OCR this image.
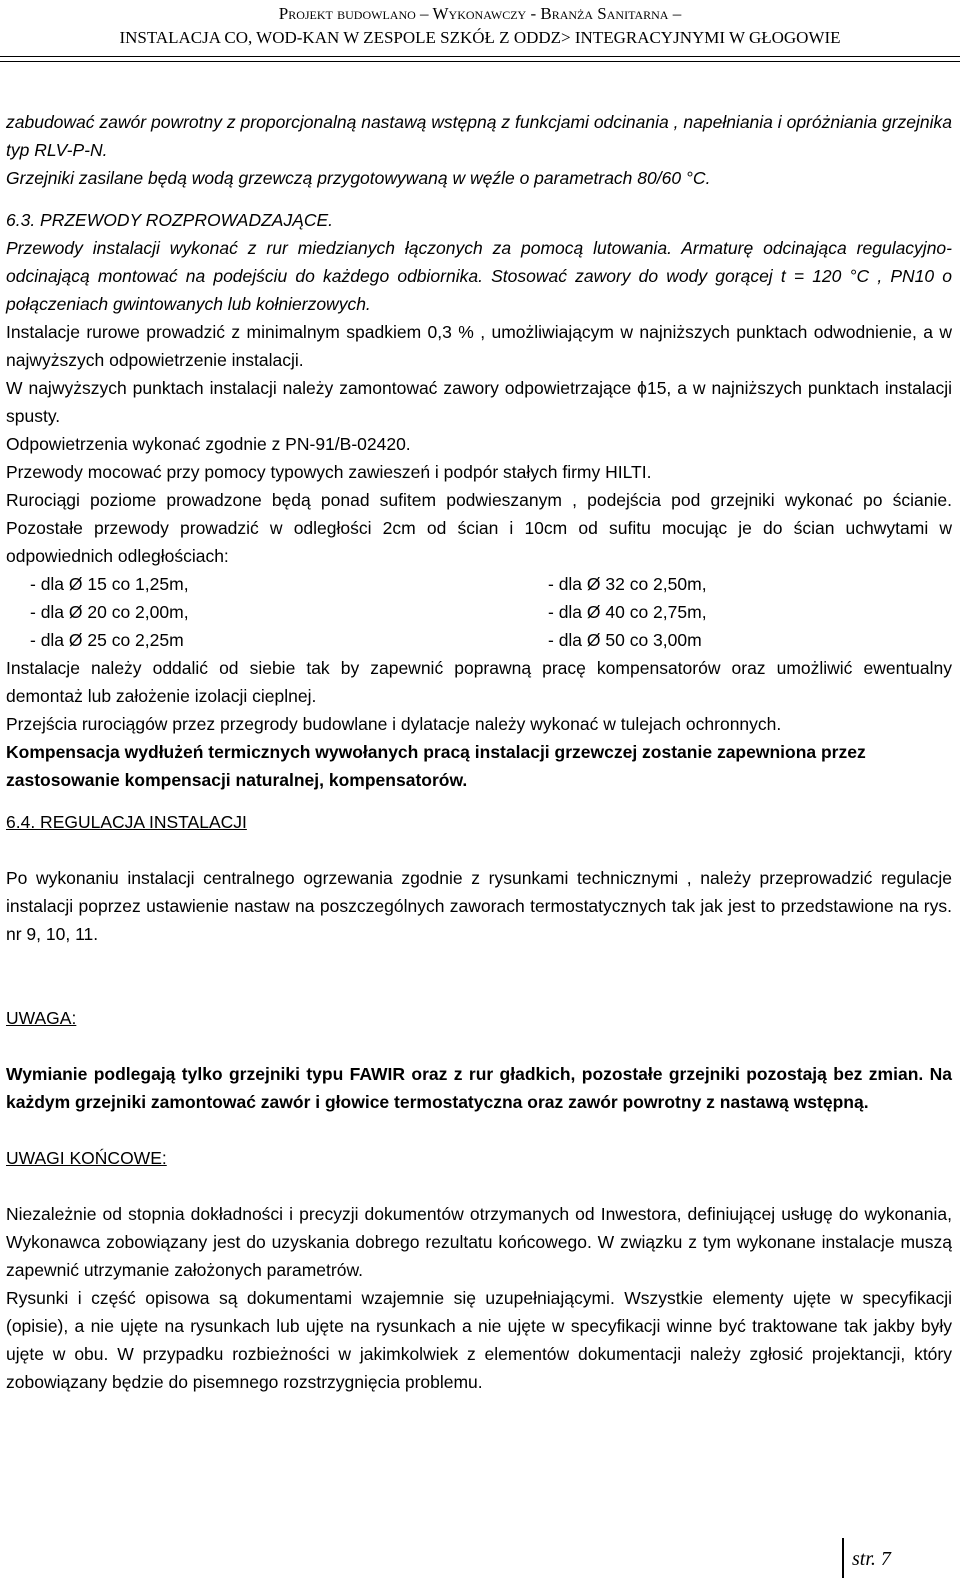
Projekt budowlano – Wykonawczy - Branża Sanitarna –
INSTALACJA CO, WOD-KAN W ZESPOLE SZKÓŁ Z ODDZ> INTEGRACYJNYMI W GŁOGOWIE

zabudować zawór powrotny z proporcjonalną nastawą wstępną z funkcjami odcinania , napełniania i opróżniania grzejnika typ RLV-P-N.

Grzejniki zasilane będą wodą grzewczą przygotowywaną w węźle o parametrach 80/60 °C.

6.3. PRZEWODY ROZPROWADZAJĄCE.

Przewody instalacji wykonać z rur miedzianych łączonych za pomocą lutowania. Armaturę odcinająca regulacyjno-odcinającą montować na podejściu do każdego odbiornika. Stosować zawory do wody gorącej t = 120 °C , PN10 o połączeniach gwintowanych lub kołnierzowych.

Instalacje rurowe prowadzić z minimalnym spadkiem 0,3 % , umożliwiającym w najniższych punktach odwodnienie, a w najwyższych odpowietrzenie instalacji.

W najwyższych punktach instalacji należy zamontować zawory odpowietrzające ϕ15, a w najniższych punktach instalacji spusty.

Odpowietrzenia wykonać zgodnie z PN-91/B-02420.

Przewody mocować przy pomocy typowych zawieszeń i podpór stałych firmy HILTI.

Rurociągi poziome prowadzone będą ponad sufitem podwieszanym , podejścia pod grzejniki wykonać po ścianie. Pozostałe przewody prowadzić w odległości 2cm od ścian i 10cm od sufitu mocując je do ścian uchwytami w odpowiednich odległościach:

- dla Ø 15 co 1,25m,	- dla Ø 32 co 2,50m,
- dla Ø 20 co 2,00m,	- dla Ø 40 co 2,75m,
- dla Ø 25 co 2,25m	- dla Ø 50 co 3,00m

Instalacje należy oddalić od siebie tak by zapewnić poprawną pracę kompensatorów oraz umożliwić ewentualny demontaż lub założenie izolacji cieplnej.

Przejścia rurociągów przez przegrody budowlane i dylatacje należy wykonać w tulejach ochronnych.

Kompensacja wydłużeń termicznych wywołanych pracą instalacji grzewczej zostanie zapewniona przez zastosowanie kompensacji naturalnej, kompensatorów.

6.4. REGULACJA INSTALACJI

Po wykonaniu instalacji centralnego ogrzewania zgodnie z rysunkami technicznymi , należy przeprowadzić regulacje instalacji poprzez ustawienie nastaw na poszczególnych zaworach termostatycznych tak jak jest to przedstawione na rys. nr 9, 10, 11.

UWAGA:

Wymianie podlegają tylko grzejniki typu FAWIR oraz z rur gładkich, pozostałe grzejniki pozostają bez zmian. Na każdym grzejniki zamontować zawór i głowice termostatyczna oraz zawór powrotny z nastawą wstępną.

UWAGI KOŃCOWE:

Niezależnie od stopnia dokładności i precyzji dokumentów otrzymanych od Inwestora, definiującej usługę do wykonania, Wykonawca zobowiązany jest do uzyskania dobrego rezultatu końcowego. W związku z tym wykonane instalacje muszą zapewnić utrzymanie założonych parametrów.

Rysunki i część opisowa są dokumentami wzajemnie się uzupełniającymi. Wszystkie elementy ujęte w specyfikacji (opisie), a nie ujęte na rysunkach lub ujęte na rysunkach a nie ujęte w specyfikacji winne być traktowane tak jakby były ujęte w obu. W przypadku rozbieżności w jakimkolwiek z elementów dokumentacji należy zgłosić projektancji, który zobowiązany będzie do pisemnego rozstrzygnięcia problemu.

str. 7
